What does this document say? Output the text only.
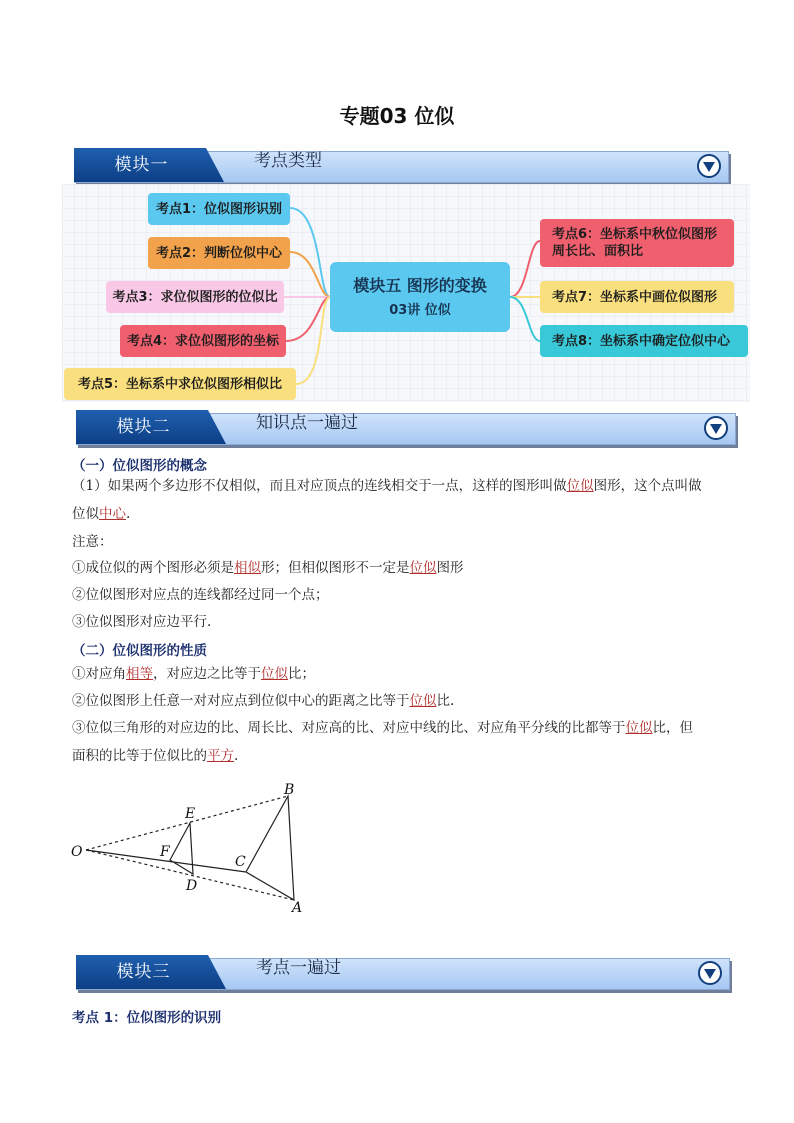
专题03 位似
模块一	考点类型
考点1：位似图形识别
考点2：判断位似中心
考点3：求位似图形的位似比
考点4：求位似图形的坐标
考点5：坐标系中求位似图形相似比
模块五 图形的变换
03讲 位似
考点6：坐标系中秋位似图形
周长比、面积比
考点7：坐标系中画位似图形
考点8：坐标系中确定位似中心
模块二	知识点一遍过
（一）位似图形的概念
（1）如果两个多边形不仅相似，而且对应顶点的连线相交于一点，这样的图形叫做位似图形，这个点叫做
位似中心.
注意：
①成位似的两个图形必须是相似形；但相似图形不一定是位似图形
②位似图形对应点的连线都经过同一个点；
③位似图形对应边平行.
（二）位似图形的性质
①对应角相等，对应边之比等于位似比；
②位似图形上任意一对对应点到位似中心的距离之比等于位似比.
③位似三角形的对应边的比、周长比、对应高的比、对应中线的比、对应角平分线的比都等于位似比，但
面积的比等于位似比的平方.
O
E
F
D
B
C
A
模块三	考点一遍过
考点 1：位似图形的识别
